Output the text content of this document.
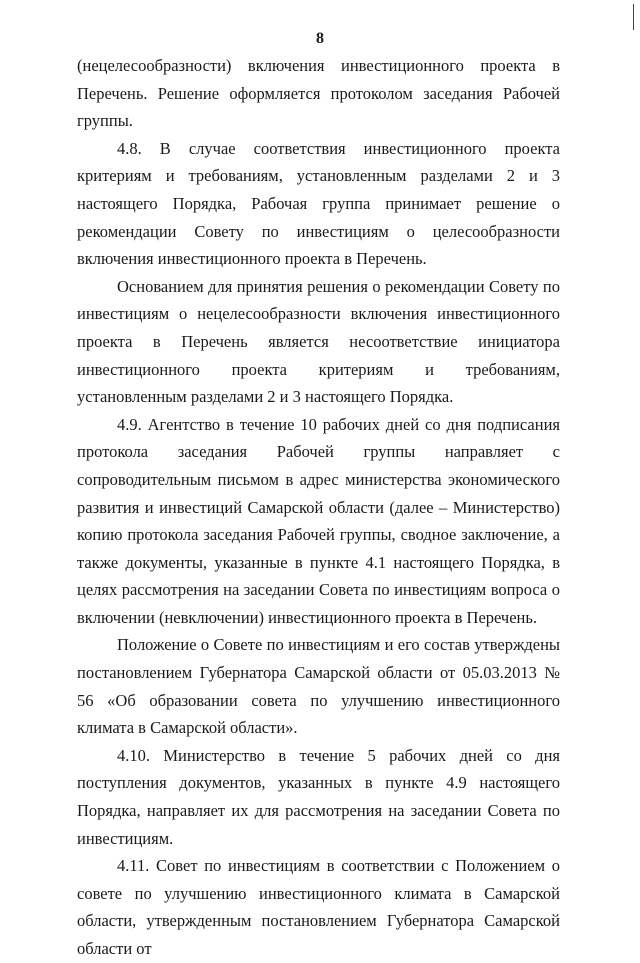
8

(нецелесообразности) включения инвестиционного проекта в Перечень. Решение оформляется протоколом заседания Рабочей группы.

4.8. В случае соответствия инвестиционного проекта критериям и требованиям, установленным разделами 2 и 3 настоящего Порядка, Рабочая группа принимает решение о рекомендации Совету по инвестициям о целесообразности включения инвестиционного проекта в Перечень.

Основанием для принятия решения о рекомендации Совету по инвестициям о нецелесообразности включения инвестиционного проекта в Перечень является несоответствие инициатора инвестиционного проекта критериям и требованиям, установленным разделами 2 и 3 настоящего Порядка.

4.9. Агентство в течение 10 рабочих дней со дня подписания протокола заседания Рабочей группы направляет с сопроводительным письмом в адрес министерства экономического развития и инвестиций Самарской области (далее – Министерство) копию протокола заседания Рабочей группы, сводное заключение, а также документы, указанные в пункте 4.1 настоящего Порядка, в целях рассмотрения на заседании Совета по инвестициям вопроса о включении (невключении) инвестиционного проекта в Перечень.

Положение о Совете по инвестициям и его состав утверждены постановлением Губернатора Самарской области от 05.03.2013 № 56 «Об образовании совета по улучшению инвестиционного климата в Самарской области».

4.10. Министерство в течение 5 рабочих дней со дня поступления документов, указанных в пункте 4.9 настоящего Порядка, направляет их для рассмотрения на заседании Совета по инвестициям.

4.11. Совет по инвестициям в соответствии с Положением о совете по улучшению инвестиционного климата в Самарской области, утвержденным постановлением Губернатора Самарской области от
